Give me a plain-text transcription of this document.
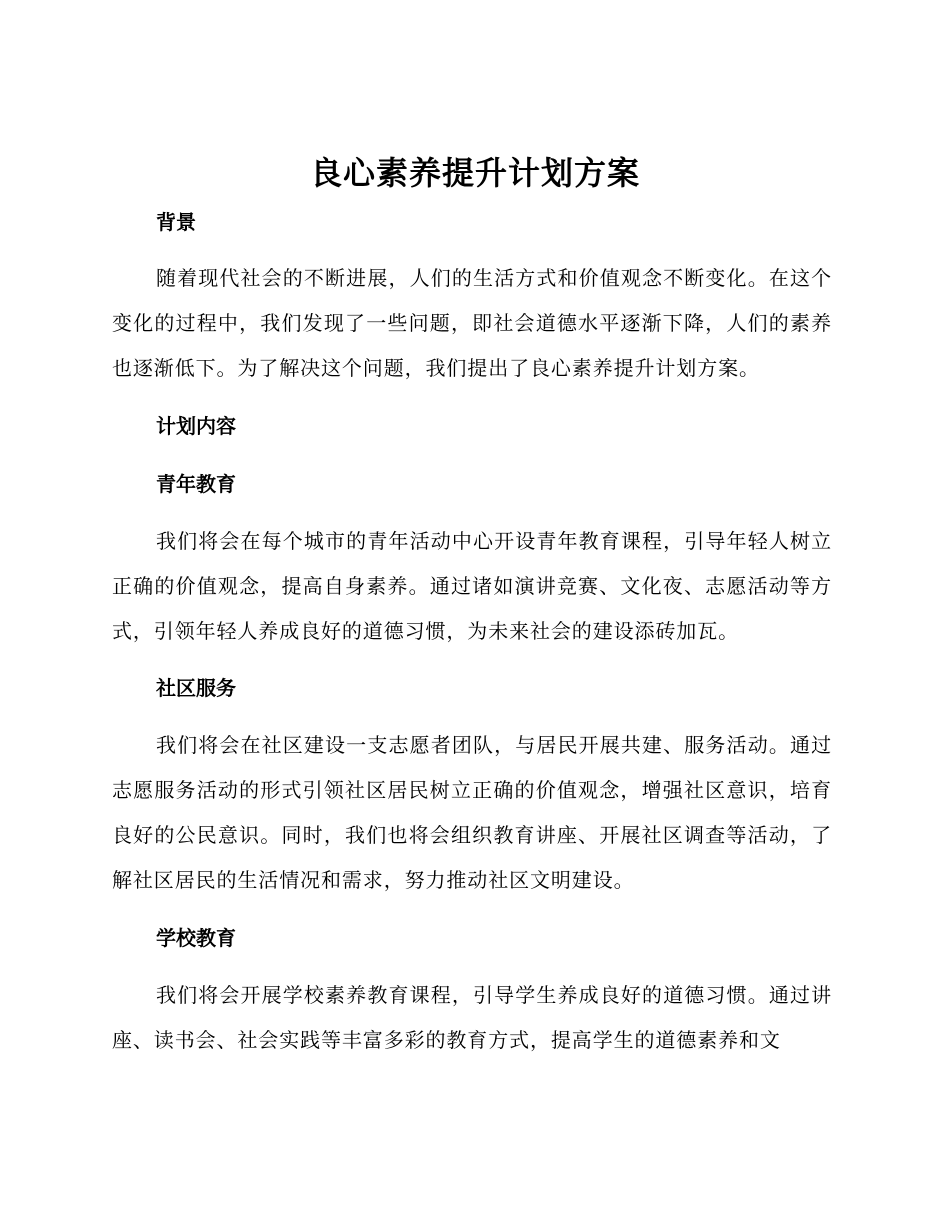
良心素养提升计划方案
背景

随着现代社会的不断进展，人们的生活方式和价值观念不断变化。在这个变化的过程中，我们发现了一些问题，即社会道德水平逐渐下降，人们的素养也逐渐低下。为了解决这个问题，我们提出了良心素养提升计划方案。

计划内容
青年教育

我们将会在每个城市的青年活动中心开设青年教育课程，引导年轻人树立正确的价值观念，提高自身素养。通过诸如演讲竞赛、文化夜、志愿活动等方式，引领年轻人养成良好的道德习惯，为未来社会的建设添砖加瓦。

社区服务

我们将会在社区建设一支志愿者团队，与居民开展共建、服务活动。通过志愿服务活动的形式引领社区居民树立正确的价值观念，增强社区意识，培育良好的公民意识。同时，我们也将会组织教育讲座、开展社区调查等活动，了解社区居民的生活情况和需求，努力推动社区文明建设。

学校教育

我们将会开展学校素养教育课程，引导学生养成良好的道德习惯。通过讲座、读书会、社会实践等丰富多彩的教育方式，提高学生的道德素养和文
